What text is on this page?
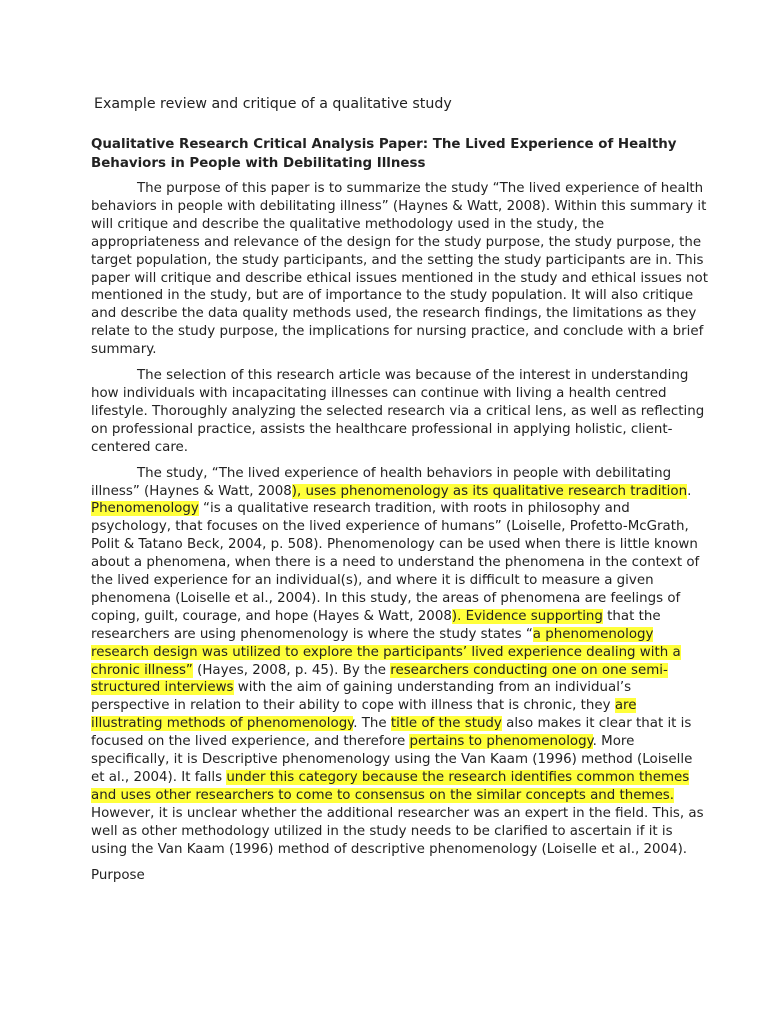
Example review and critique of a qualitative study
Qualitative Research Critical Analysis Paper: The Lived Experience of Healthy Behaviors in People with Debilitating Illness

The purpose of this paper is to summarize the study “The lived experience of health behaviors in people with debilitating illness” (Haynes & Watt, 2008). Within this summary it will critique and describe the qualitative methodology used in the study, the appropriateness and relevance of the design for the study purpose, the study purpose, the target population, the study participants, and the setting the study participants are in. This paper will critique and describe ethical issues mentioned in the study and ethical issues not mentioned in the study, but are of importance to the study population. It will also critique and describe the data quality methods used, the research findings, the limitations as they relate to the study purpose, the implications for nursing practice, and conclude with a brief summary.

The selection of this research article was because of the interest in understanding how individuals with incapacitating illnesses can continue with living a health centred lifestyle. Thoroughly analyzing the selected research via a critical lens, as well as reflecting on professional practice, assists the healthcare professional in applying holistic, client-centered care.

The study, “The lived experience of health behaviors in people with debilitating illness” (Haynes & Watt, 2008), uses phenomenology as its qualitative research tradition. Phenomenology “is a qualitative research tradition, with roots in philosophy and psychology, that focuses on the lived experience of humans” (Loiselle, Profetto-McGrath, Polit & Tatano Beck, 2004, p. 508). Phenomenology can be used when there is little known about a phenomena, when there is a need to understand the phenomena in the context of the lived experience for an individual(s), and where it is difficult to measure a given phenomena (Loiselle et al., 2004). In this study, the areas of phenomena are feelings of coping, guilt, courage, and hope (Hayes & Watt, 2008). Evidence supporting that the researchers are using phenomenology is where the study states “a phenomenology research design was utilized to explore the participants’ lived experience dealing with a chronic illness” (Hayes, 2008, p. 45). By the researchers conducting one on one semi-structured interviews with the aim of gaining understanding from an individual’s perspective in relation to their ability to cope with illness that is chronic, they are illustrating methods of phenomenology. The title of the study also makes it clear that it is focused on the lived experience, and therefore pertains to phenomenology. More specifically, it is Descriptive phenomenology using the Van Kaam (1996) method (Loiselle et al., 2004). It falls under this category because the research identifies common themes and uses other researchers to come to consensus on the similar concepts and themes. However, it is unclear whether the additional researcher was an expert in the field. This, as well as other methodology utilized in the study needs to be clarified to ascertain if it is using the Van Kaam (1996) method of descriptive phenomenology (Loiselle et al., 2004).

Purpose
